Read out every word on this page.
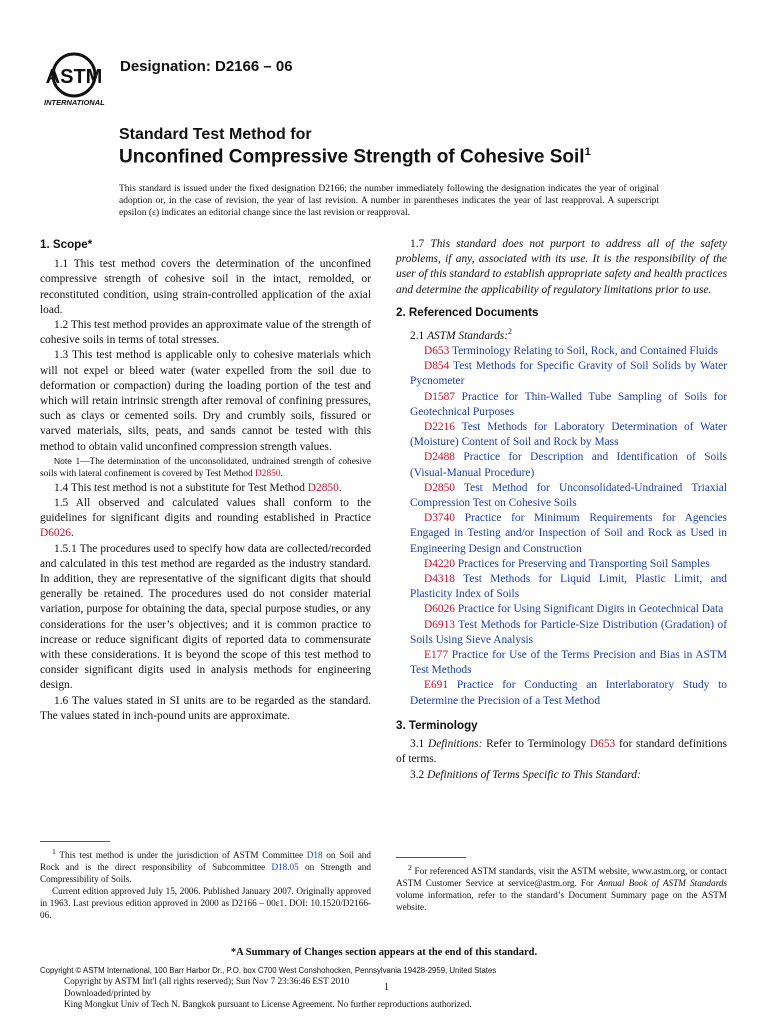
ASTM
INTERNATIONAL
Designation: D2166 – 06
Standard Test Method for
Unconfined Compressive Strength of Cohesive Soil$^1$
This standard is issued under the fixed designation D2166; the number immediately following the designation indicates the year of original adoption or, in the case of revision, the year of last revision. A number in parentheses indicates the year of last reapproval. A superscript epsilon (ε) indicates an editorial change since the last revision or reapproval.

1. Scope*

1.1 This test method covers the determination of the unconfined compressive strength of cohesive soil in the intact, remolded, or reconstituted condition, using strain-controlled application of the axial load.

1.2 This test method provides an approximate value of the strength of cohesive soils in terms of total stresses.

1.3 This test method is applicable only to cohesive materials which will not expel or bleed water (water expelled from the soil due to deformation or compaction) during the loading portion of the test and which will retain intrinsic strength after removal of confining pressures, such as clays or cemented soils. Dry and crumbly soils, fissured or varved materials, silts, peats, and sands cannot be tested with this method to obtain valid unconfined compression strength values.

Note 1—The determination of the unconsolidated, undrained strength of cohesive soils with lateral confinement is covered by Test Method D2850.

1.4 This test method is not a substitute for Test Method D2850.

1.5 All observed and calculated values shall conform to the guidelines for significant digits and rounding established in Practice D6026.

1.5.1 The procedures used to specify how data are collected/recorded and calculated in this test method are regarded as the industry standard. In addition, they are representative of the significant digits that should generally be retained. The procedures used do not consider material variation, purpose for obtaining the data, special purpose studies, or any considerations for the user’s objectives; and it is common practice to increase or reduce significant digits of reported data to commensurate with these considerations. It is beyond the scope of this test method to consider significant digits used in analysis methods for engineering design.

1.6 The values stated in SI units are to be regarded as the standard. The values stated in inch-pound units are approximate.

$^1$ This test method is under the jurisdiction of ASTM Committee D18 on Soil and Rock and is the direct responsibility of Subcommittee D18.05 on Strength and Compressibility of Soils.

Current edition approved July 15, 2006. Published January 2007. Originally approved in 1963. Last previous edition approved in 2000 as D2166 – 00ε1. DOI: 10.1520/D2166-06.

1.7 This standard does not purport to address all of the safety problems, if any, associated with its use. It is the responsibility of the user of this standard to establish appropriate safety and health practices and determine the applicability of regulatory limitations prior to use.

2. Referenced Documents

2.1 ASTM Standards:$^2$

D653 Terminology Relating to Soil, Rock, and Contained Fluids

D854 Test Methods for Specific Gravity of Soil Solids by Water Pycnometer

D1587 Practice for Thin-Walled Tube Sampling of Soils for Geotechnical Purposes

D2216 Test Methods for Laboratory Determination of Water (Moisture) Content of Soil and Rock by Mass

D2488 Practice for Description and Identification of Soils (Visual-Manual Procedure)

D2850 Test Method for Unconsolidated-Undrained Triaxial Compression Test on Cohesive Soils

D3740 Practice for Minimum Requirements for Agencies Engaged in Testing and/or Inspection of Soil and Rock as Used in Engineering Design and Construction

D4220 Practices for Preserving and Transporting Soil Samples

D4318 Test Methods for Liquid Limit, Plastic Limit, and Plasticity Index of Soils

D6026 Practice for Using Significant Digits in Geotechnical Data

D6913 Test Methods for Particle-Size Distribution (Gradation) of Soils Using Sieve Analysis

E177 Practice for Use of the Terms Precision and Bias in ASTM Test Methods

E691 Practice for Conducting an Interlaboratory Study to Determine the Precision of a Test Method

3. Terminology

3.1 Definitions: Refer to Terminology D653 for standard definitions of terms.

3.2 Definitions of Terms Specific to This Standard:

$^2$ For referenced ASTM standards, visit the ASTM website, www.astm.org, or contact ASTM Customer Service at service@astm.org. For Annual Book of ASTM Standards volume information, refer to the standard’s Document Summary page on the ASTM website.

*A Summary of Changes section appears at the end of this standard.
Copyright © ASTM International, 100 Barr Harbor Dr., P.O. box C700 West Conshohocken, Pennsylvania 19428-2959, United States
Copyright by ASTM Int'l (all rights reserved); Sun Nov 7 23:36:46 EST 2010
Downloaded/printed by
King Mongkut Univ of Tech N. Bangkok pursuant to License Agreement. No further reproductions authorized.
1
